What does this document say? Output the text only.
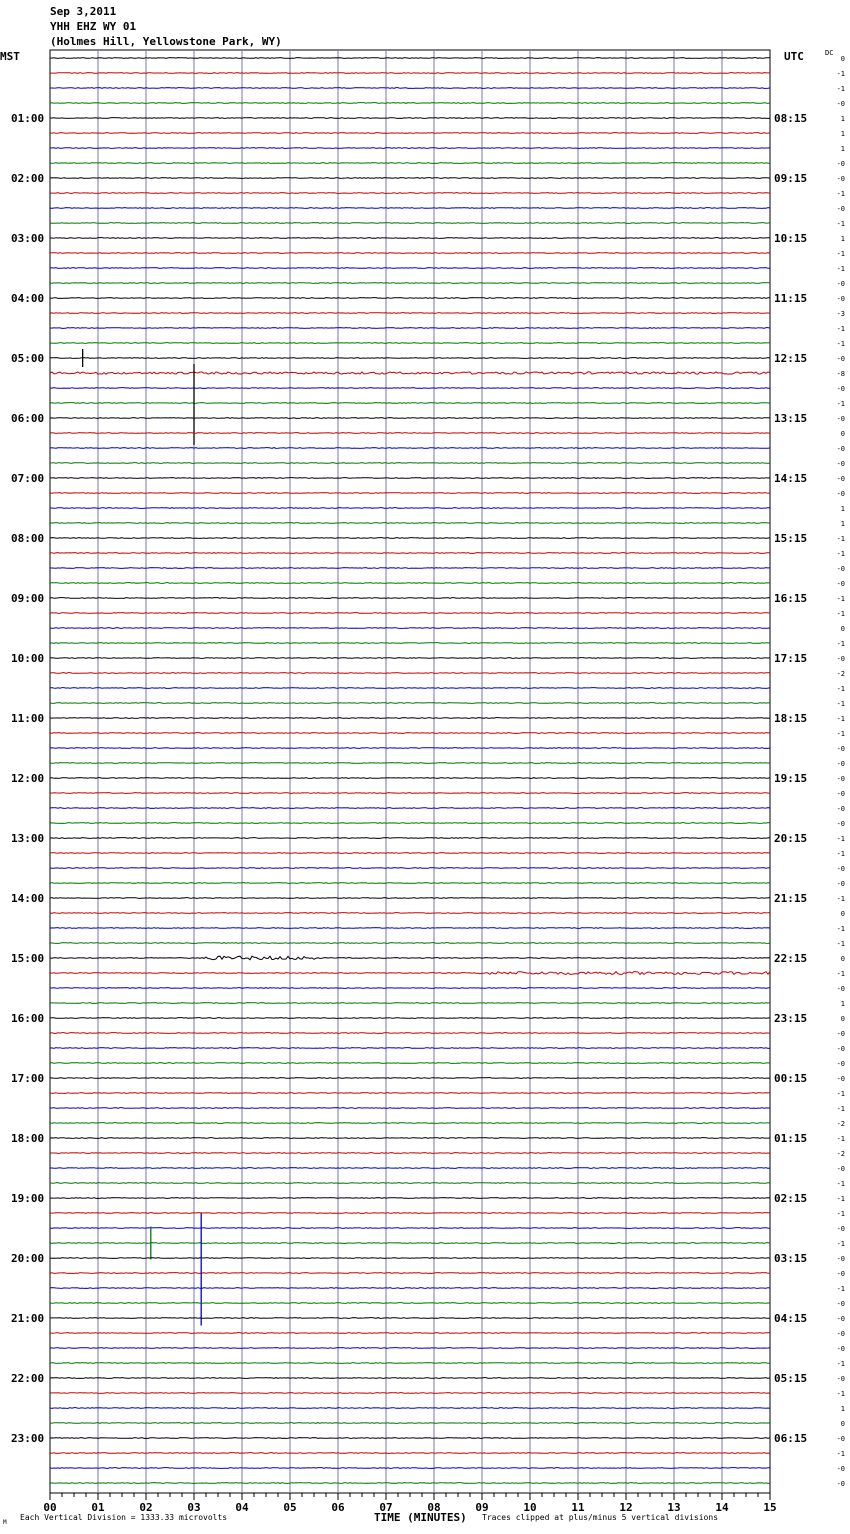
01:00
02:00
03:00
04:00
05:00
06:00
07:00
08:00
09:00
10:00
11:00
12:00
13:00
14:00
15:00
16:00
17:00
18:00
19:00
20:00
21:00
22:00
23:00
08:15
09:15
10:15
11:15
12:15
13:15
14:15
15:15
16:15
17:15
18:15
19:15
20:15
21:15
22:15
23:15
00:15
01:15
02:15
03:15
04:15
05:15
06:15
0
-1
-1
-0
1
1
1
-0
-0
-1
-0
-1
1
-1
-1
-0
-0
-3
-1
-1
-0
-8
-0
-1
-0
0
-0
-0
-0
-0
1
1
-1
-1
-0
-0
-1
-1
0
-1
-0
-2
-1
-1
-1
-1
-0
-0
-0
-0
-0
-0
-1
-1
-0
-0
-1
0
-1
-1
0
-1
-0
1
0
-0
-0
-0
-0
-1
-1
-2
-1
-2
-0
-1
-1
-1
-0
-1
-0
-0
-1
-0
-0
-0
-0
-1
-0
-1
1
0
-0
-1
-0
-0
00	01	02	03	04	05	06	07	08	09	10	11	12	13	14	15
Sep 3,2011
YHH EHZ WY 01
(Holmes Hill, Yellowstone Park, WY)
MST	UTC	DC
TIME (MINUTES)
Each Vertical Division = 1333.33 microvolts	Traces clipped at plus/minus 5 vertical divisions
M
